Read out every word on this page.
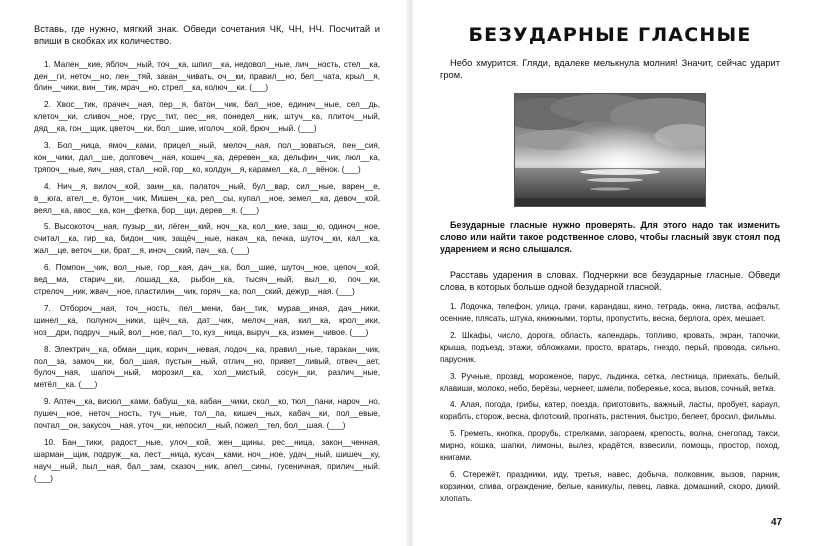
Вставь, где нужно, мягкий знак. Обведи сочетания ЧК, ЧН, НЧ. Посчитай и впиши в скобках их количество.

1. Мален__кие, яблоч__ный, точ__ка, шпил__ка, недовол__ные, лич__ность, стел__ка, ден__ги, неточ__но, лен__тяй, закан__чивать, оч__ки, правил__но, бел__чата, крыл__я, блин__чики, вин__тик, мрач__но, стрел__ка, колюч__ки. (___)

2. Хвос__тик, прачеч__ная, пер__я, батон__чик, бал__ное, единич__ные, сел__дь, клеточ__ки, сливоч__ное, груc__тит, пес__ня, понедел__ник, штуч__ка, плиточ__ный, дяд__ка, гон__щик, цветоч__ки, бол__шие, иголоч__кой, брюч__ный. (___)

3. Бол__ница, ямоч__ками, прицел__ный, мелоч__ная, пол__зоваться, пен__сия, кон__чики, дал__ше, долговеч__ная, кошеч__ка, деревен__ка, дельфин__чик, люл__ка, тряпоч__ные, яич__ная, стал__ной, гор__ко, колдун__я, карамел__ка, л__вёнок. (___)

4. Нич__я, вилоч__кой, заин__ка, палаточ__ный, бул__вар, сил__ные, варен__е, в__юга, ател__е, бутон__чик, Мишен__ка, рел__сы, купал__ное, земел__ка, девоч__кой, веял__ка, авос__ка, кон__фетка, бор__щи, дерев__я. (___)

5. Высокоточ__ная, пузыр__ки, лёген__кий, ноч__ка, кол__кие, заш__ю, одиноч__ное, считал__ка, гир__ка, бидон__чик, защёч__ные, накач__ка, печка, шуточ__ки, кал__ка, жал__це, веточ__ки, брат__я, иноч__ский, пач__ка. (___)

6. Помпон__чик, вол__ные, гор__кая, дач__ка, бол__шие, шуточ__ное, цепоч__кой, вед__ма, старич__ки, лошад__ка, рыбон__ка, тысяч__ный, выл__ю, поч__ки, стрелоч__ник, жвач__ное, пластилин__чик, горяч__ка, пол__ский, дежур__ная. (___)

7. Отбороч__ная, точ__ность, пел__мени, бан__тик, мурав__иная, дач__ники, шинел__ка, полуноч__ники, щёч__ка, дат__чик, мелоч__ная, кил__ка, крол__ики, ноз__дри, подруч__ный, вол__ное, пал__то, куз__ница, выруч__ка, измен__чивое. (___)

8. Электрич__ка, обман__щик, корич__невая, лодоч__ка, правил__ные, таракан__чик, пол__за, замоч__ки, бол__шая, пустын__ный, отлич__но, привет__ливый, отвеч__ает, булоч__ная, шапоч__ный, морозил__ка, хол__мистый, сосун__ки, различ__ные, метёл__ка. (___)

9. Аптеч__ка, висюл__ками, бабуш__ка, кабан__чики, скол__ко, тюл__пани, нароч__но, пушеч__ное, неточ__ность, туч__ные, тол__па, кишеч__ных, кабач__ки, пол__евые, почтал__он, закусоч__ная, уточ__ки, непосил__ный, пожел__тел, бол__шая. (___)

10. Бан__тики, радост__ные, улоч__кой, жен__щины, рес__ница, закон__ченная, шарман__щик, подруж__ка, лест__ница, кусач__ками, ноч__ное, удач__ный, шишеч__ку, науч__ный, пыл__ная, бал__зам, сказоч__ник, апел__сины, гусеничная, прилич__ный. (___)

БЕЗУДАРНЫЕ ГЛАСНЫЕ

Небо хмурится. Гляди, вдалеке мелькнула молния! Значит, сейчас ударит гром.

Безударные гласные нужно проверять. Для этого надо так изменить слово или найти такое родственное слово, чтобы гласный звук стоял под ударением и ясно слышался.

Расставь ударения в словах. Подчеркни все безударные гласные. Обведи слова, в которых больше одной безударной гласной.

1. Лодочка, телефон, улица, грачи, карандаш, кино, тетрадь, окна, листва, асфальт, осенние, плясать, штука, книжными, торты, пропустить, весна, берлога, орех, мешает.

2. Шкафы, число, дорога, область, календарь, топливо, кровать, экран, тапочки, крыша, подъезд, этажи, обложками, просто, вратарь, гнездо, перьй, провода, сильно, парусник.

3. Ручные, прозвд, мороженое, парус, льдинка, сетка, лестница, приехать, белый, клавиши, молоко, небо, берёзы, чернеет, шмели, побережье, коса, вызов, сочный, ветка.

4. Алая, погода, грибы, катер, поезда, приготовить, важный, ласты, пробует, караул, кораблъ, сторож, весна, флотский, прогнать, растения, быстро, белеет, бросил, фильмы.

5. Греметь, кнопка, прорубь, стрелками, загораем, крепость, волна, снегопад, такси, мирно, кошка, шапки, лимоны, вылез, крадётся, взвесили, помощь, простор, поход, книгами.

6. Стережёт, праздники, иду, третья, навес, добыча, полковник, вызов, парник, корзинки, слива, ограждение, белые, каникулы, певец, лавка, домашний, скоро, дикий, хлопать.

47
